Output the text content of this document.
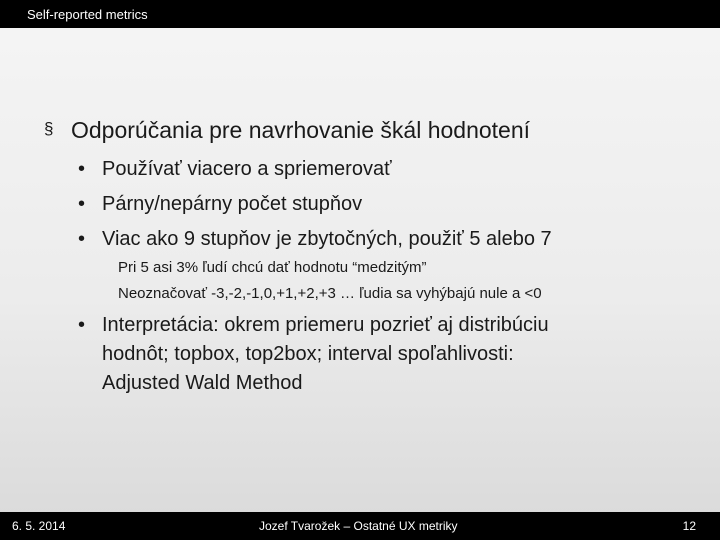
Self-reported metrics
§ Odporúčania pre navrhovanie škál hodnotení
• Používať viacero a spriemerovať
• Párny/nepárny počet stupňov
• Viac ako 9 stupňov je zbytočných, použiť 5 alebo 7
Pri 5 asi 3% ľudí chcú dať hodnotu “medzitým”
Neoznačovať -3,-2,-1,0,+1,+2,+3 … ľudia sa vyhýbajú nule a <0
• Interpretácia: okrem priemeru pozrieť aj distribúciu
hodnôt; topbox, top2box; interval spoľahlivosti:
Adjusted Wald Method
6. 5. 2014	Jozef Tvarožek – Ostatné UX metriky	12
